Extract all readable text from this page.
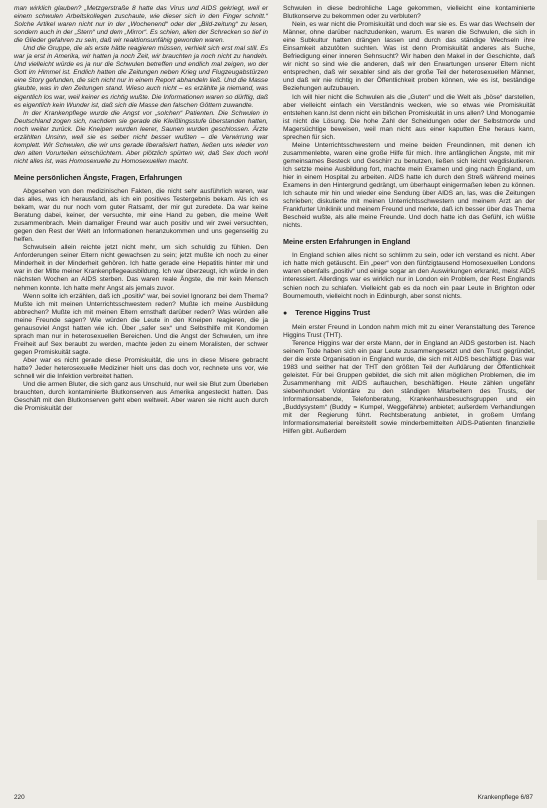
man wirklich glauben? „Metzgerstraße 8 hatte das Virus und AIDS gekriegt, weil er einem schwulen Arbeitskollegen zuschaute, wie dieser sich in den Finger schnitt.“ Solche Artikel waren nicht nur in der „Wochenend“ oder der „Bild-zeitung“ zu lesen, sondern auch in der „Stern“ und dem „Mirror“. Es schien, allen der Schrecken so tief in die Glieder gefahren zu sein, daß wir reaktionsunfähig geworden waren.

Und die Gruppe, die als erste hätte reagieren müssen, verhielt sich erst mal still. Es war ja erst in Amerika, wir hatten ja noch Zeit, wir brauchten ja noch nicht zu handeln. Und vielleicht würde es ja nur die Schwulen betreffen und endlich mal zeigen, wo der Gott im Himmel ist. Endlich hatten die Zeitungen neben Krieg und Flugzeugabstürzen eine Story gefunden, die sich nicht nur in einem Report abhandeln ließ. Und die Masse glaubte, was in den Zeitungen stand. Wieso auch nicht – es erzählte ja niemand, was eigentlich los war, weil keiner es richtig wußte. Die Informationen waren so dürftig, daß es eigentlich kein Wunder ist, daß sich die Masse den falschen Göttern zuwandte.

In der Krankenpflege wurde die Angst vor „solchen“ Patienten. Die Schwulen in Deutschland zogen sich, nachdem sie gerade die Kleißlingsstufe überstanden hatten, noch weiter zurück. Die Kneipen wurden leerer, Saunen wurden geschlossen. Ärzte erzählten Unsinn, weil sie es selber nicht besser wußten – die Verwirrung war komplett. Wir Schwulen, die wir uns gerade liberalisiert hatten, ließen uns wieder von den alten Vorurteilen einschüchtern. Aber plötzlich spürten wir, daß Sex doch wohl nicht alles ist, was Homosexuelle zu Homosexuellen macht.

Meine persönlichen Ängste, Fragen, Erfahrungen

Abgesehen von den medizinischen Fakten, die nicht sehr ausführlich waren, war das alles, was ich herausfand, als ich ein positives Testergebnis bekam. Als ich es bekam, war du nur noch vom guter Ratsamt, der mir gut zuredete. Da war keine Beratung dabei, keiner, der versuchte, mir eine Hand zu geben, die meine Welt zusammenbrach. Mein damaliger Freund war auch positiv und wir zwei versuchten, gegen den Rest der Welt an Informationen heranzukommen und uns gegenseitig zu helfen.

Schwulsein allein reichte jetzt nicht mehr, um sich schuldig zu fühlen. Den Anforderungen seiner Eltern nicht gewachsen zu sein; jetzt mußte ich noch zu einer Minderheit in der Minderheit gehören. Ich hatte gerade eine Hepatitis hinter mir und war in der Mitte meiner Krankenpflegeausbildung. Ich war überzeugt, ich würde in den nächsten Wochen an AIDS sterben. Das waren reale Ängste, die mir kein Mensch nehmen konnte. Ich hatte mehr Angst als jemals zuvor.

Wenn sollte ich erzählen, daß ich „positiv“ war, bei soviel Ignoranz bei dem Thema? Mußte ich mit meinen Unterrichtsschwestern reden? Mußte ich meine Ausbildung abbrechen? Mußte ich mit meinen Eltern ernsthaft darüber reden? Was würden alle meine Freunde sagen? Wie würden die Leute in den Kneipen reagieren, die ja genausoviel Angst hatten wie ich. Über „safer sex“ und Selbsthilfe mit Kondomen sprach man nur in heterosexuellen Bereichen. Und die Angst der Schwulen, um ihre Freiheit auf Sex beraubt zu werden, machte jeden zu einem Moralisten, der schwer gegen Promiskuität sagte.

Aber war es nicht gerade diese Promiskuität, die uns in diese Misere gebracht hatte? Jeder heterosexuelle Mediziner hielt uns das doch vor, rechnete uns vor, wie schnell wir die Infektion verbreitet hatten.

Und die armen Bluter, die sich ganz aus Unschuld, nur weil sie Blut zum Überleben brauchten, durch kontaminierte Blutkonserven aus Amerika angesteckt hatten. Das Geschäft mit den Blutkonserven geht eben weltweit. Aber waren sie nicht auch durch die Promiskuität der

Schwulen in diese bedrohliche Lage gekommen, vielleicht eine kontaminierte Blutkonserve zu bekommen oder zu verbluten?

Nein, es war nicht die Promiskuität und doch war sie es. Es war das Wechseln der Männer, ohne darüber nachzudenken, warum. Es waren die Schwulen, die sich in eine Subkultur hatten drängen lassen und durch das ständige Wechseln ihre Einsamkeit abzutöten suchten. Was ist denn Promiskuität anderes als Suche, Befriedigung einer inneren Sehnsucht? Wir haben den Makel in der Geschichte, daß wir nicht so sind wie die anderen, daß wir den Erwartungen unserer Eltern nicht entsprechen, daß wir sexabler sind als der große Teil der heterosexuellen Männer, und daß wir nie richtig in der Öffentlichkeit proben können, wie es ist, beständige Beziehungen aufzubauen.

Ich will hier nicht die Schwulen als die „Guten“ und die Welt als „böse“ darstellen, aber vielleicht einfach ein Verständnis wecken, wie so etwas wie Promiskuität entstehen kann.Ist denn nicht ein bißchen Promiskuität in uns allen? Und Monogamie ist nicht die Lösung. Die hohe Zahl der Scheidungen oder der Selbstmorde und Magersüchtige beweisen, weil man nicht aus einer kaputten Ehe heraus kann, sprechen für sich.

Meine Unterrichtsschwestern und meine beiden Freundinnen, mit denen ich zusammenlebte, waren eine große Hilfe für mich. Ihre anfänglichen Ängste, mit mir gemeinsames Besteck und Geschirr zu benutzen, ließen sich leicht wegdiskutieren. Ich setzte meine Ausbildung fort, machte mein Examen und ging nach England, um hier in einem Hospital zu arbeiten. AIDS hatte ich durch den Streß während meines Examens in den Hintergrund gedrängt, um überhaupt einigermaßen leben zu können. Ich schaute mir hin und wieder eine Sendung über AIDS an, las, was die Zeitungen schrieben; diskutierte mit meinen Unterrichtsschwestern und meinem Arzt an der Frankfurter Uniklinik und meinem Freund und merkte, daß ich besser über das Thema Bescheid wußte, als alle meine Freunde. Und doch hatte ich das Gefühl, ich wüßte nichts.

Meine ersten Erfahrungen in England

In England schien alles nicht so schlimm zu sein, oder ich verstand es nicht. Aber ich hatte mich getäuscht. Ein „peer“ von den fünfzigtausend Homosexuellen Londons waren ebenfalls „positiv“ und einige sogar an den Auswirkungen erkrankt, meist AIDS interessiert. Allerdings war es wirklich nur in London ein Problem, der Rest Englands schien noch zu schlafen. Vielleicht gab es da noch ein paar Leute in Brighton oder Bournemouth, vielleicht noch in Edinburgh, aber sonst nichts.

● Terence Higgins Trust

Mein erster Freund in London nahm mich mit zu einer Veranstaltung des Terence Higgins Trust (THT).

Terence Higgins war der erste Mann, der in England an AIDS gestorben ist. Nach seinem Tode haben sich ein paar Leute zusammengesetzt und den Trust gegründet, der die erste Organisation in England wurde, die sich mit AIDS beschäftigte. Das war 1983 und seither hat der THT den größten Teil der Aufklärung der Öffentlichkeit geleistet. Für bei Gruppen gebildet, die sich mit allen möglichen Problemen, die im Zusammenhang mit AIDS auftauchen, beschäftigen. Heute zählen ungefähr siebenhundert Volontäre zu den ständigen Mitarbeitern des Trusts, der Informationsabende, Telefonberatung, Krankenhausbesuchsgruppen und ein „Buddysystem“ (Buddy = Kumpel, Weggefährte) anbietet; außerdem Verhandlungen mit der Regierung führt. Rechtsberatung anbietet, in großem Umfang Informationsmaterial bereitstellt sowie minderbemittelten AIDS-Patienten finanzielle Hilfen gibt. Außerdem

220	Krankenpflege 6/87
